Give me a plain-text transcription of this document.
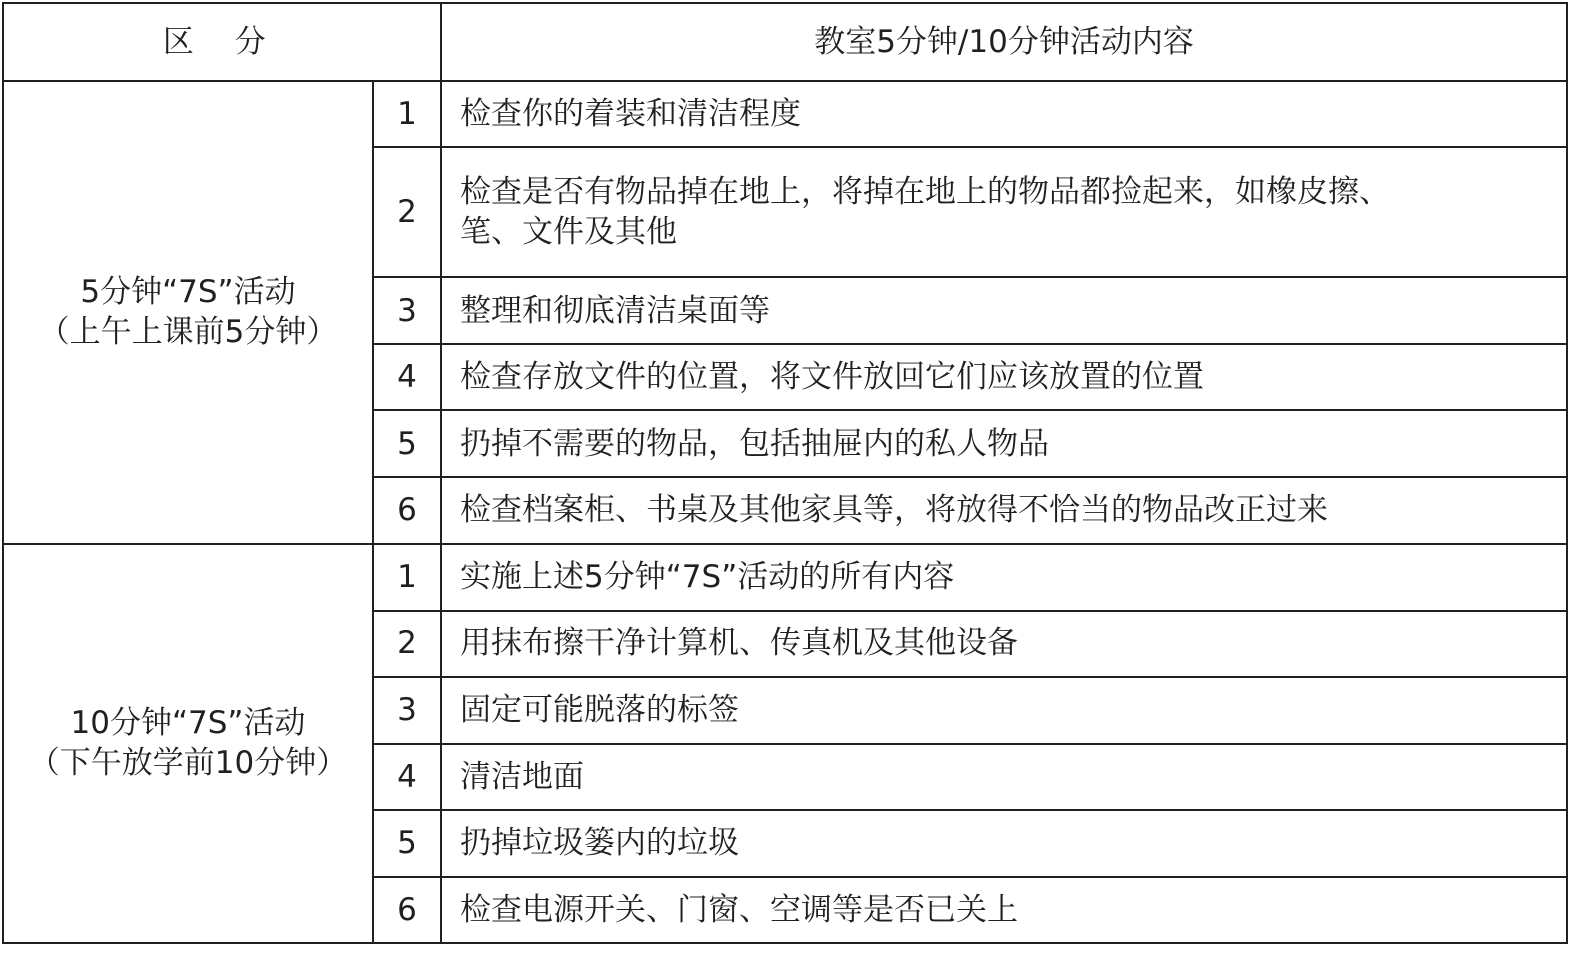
区 分		教室5分钟/10分钟活动内容

5分钟“7S”活动
（上午上课前5分钟）	1	检查你的着装和清洁程度

	2	检查是否有物品掉在地上，将掉在地上的物品都捡起来，如橡皮擦、
笔、文件及其他

	3	整理和彻底清洁桌面等

	4	检查存放文件的位置，将文件放回它们应该放置的位置

	5	扔掉不需要的物品，包括抽屉内的私人物品

	6	检查档案柜、书桌及其他家具等，将放得不恰当的物品改正过来

10分钟“7S”活动
（下午放学前10分钟）	1	实施上述5分钟“7S”活动的所有内容

	2	用抹布擦干净计算机、传真机及其他设备

	3	固定可能脱落的标签

	4	清洁地面

	5	扔掉垃圾篓内的垃圾

	6	检查电源开关、门窗、空调等是否已关上
